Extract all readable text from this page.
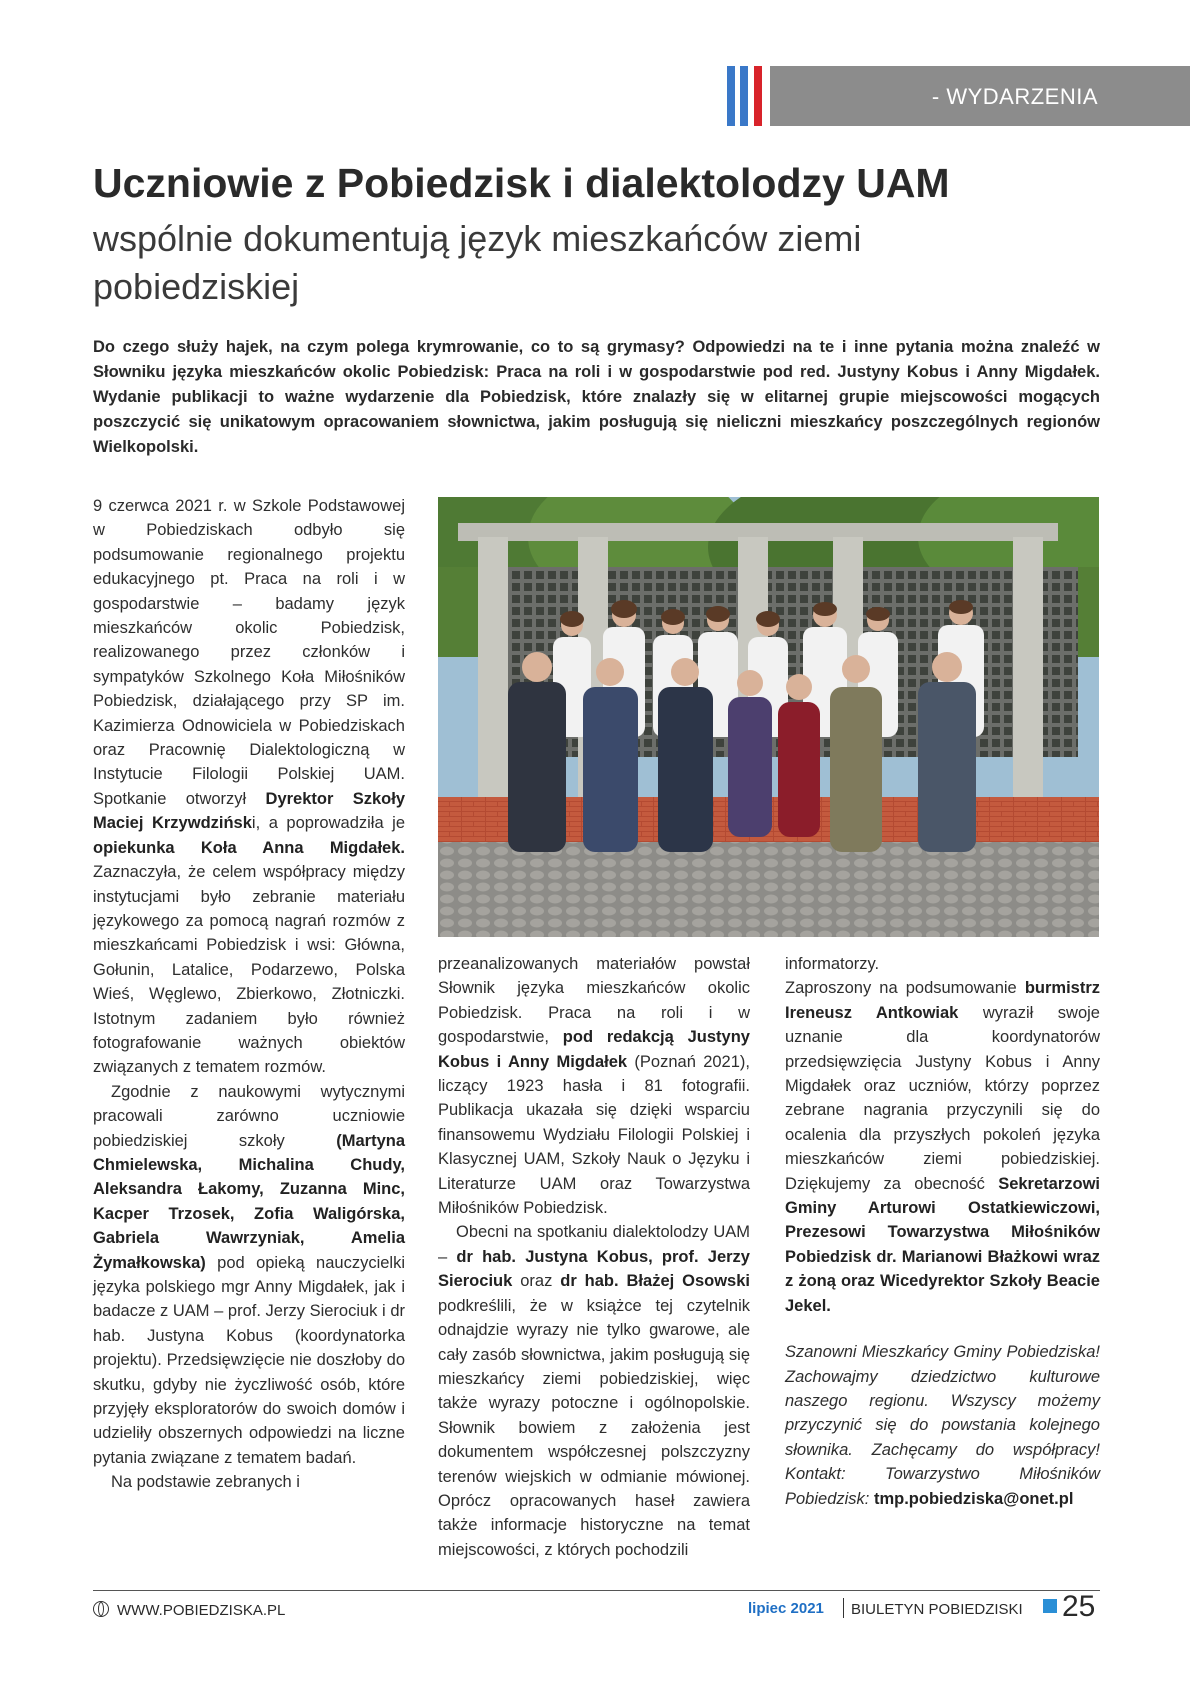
- WYDARZENIA
Uczniowie z Pobiedzisk i dialektolodzy UAM
wspólnie dokumentują język mieszkańców ziemi pobiedziskiej

Do czego służy hajek, na czym polega krymrowanie, co to są grymasy? Odpowiedzi na te i inne pytania można znaleźć w Słowniku języka mieszkańców okolic Pobiedzisk: Praca na roli i w gospodarstwie pod red. Justyny Kobus i Anny Migdałek. Wydanie publikacji to ważne wydarzenie dla Pobiedzisk, które znalazły się w elitarnej grupie miejscowości mogących poszczycić się unikatowym opracowaniem słownictwa, jakim posługują się nieliczni mieszkańcy poszczególnych regionów Wielkopolski.

9 czerwca 2021 r. w Szkole Podstawowej w Pobiedziskach odbyło się podsumowanie regionalnego projektu edukacyjnego pt. Praca na roli i w gospodarstwie – badamy język mieszkańców okolic Pobiedzisk, realizowanego przez członków i sympatyków Szkolnego Koła Miłośników Pobiedzisk, działającego przy SP im. Kazimierza Odnowiciela w Pobiedziskach oraz Pracownię Dialektologiczną w Instytucie Filologii Polskiej UAM. Spotkanie otworzył Dyrektor Szkoły Maciej Krzywdziński, a poprowadziła je opiekunka Koła Anna Migdałek. Zaznaczyła, że celem współpracy między instytucjami było zebranie materiału językowego za pomocą nagrań rozmów z mieszkańcami Pobiedzisk i wsi: Główna, Gołunin, Latalice, Podarzewo, Polska Wieś, Węglewo, Zbierkowo, Złotniczki. Istotnym zadaniem było również fotografowanie ważnych obiektów związanych z tematem rozmów.

Zgodnie z naukowymi wytycznymi pracowali zarówno uczniowie pobiedziskiej szkoły (Martyna Chmielewska, Michalina Chudy, Aleksandra Łakomy, Zuzanna Minc, Kacper Trzosek, Zofia Waligórska, Gabriela Wawrzyniak, Amelia Żymałkowska) pod opieką nauczycielki języka polskiego mgr Anny Migdałek, jak i badacze z UAM – prof. Jerzy Sierociuk i dr hab. Justyna Kobus (koordynatorka projektu). Przedsięwzięcie nie doszłoby do skutku, gdyby nie życzliwość osób, które przyjęły eksploratorów do swoich domów i udzieliły obszernych odpowiedzi na liczne pytania związane z tematem badań.

Na podstawie zebranych i

przeanalizowanych materiałów powstał Słownik języka mieszkańców okolic Pobiedzisk. Praca na roli i w gospodarstwie, pod redakcją Justyny Kobus i Anny Migdałek (Poznań 2021), liczący 1923 hasła i 81 fotografii. Publikacja ukazała się dzięki wsparciu finansowemu Wydziału Filologii Polskiej i Klasycznej UAM, Szkoły Nauk o Języku i Literaturze UAM oraz Towarzystwa Miłośników Pobiedzisk.

Obecni na spotkaniu dialektolodzy UAM – dr hab. Justyna Kobus, prof. Jerzy Sierociuk oraz dr hab. Błażej Osowski podkreślili, że w książce tej czytelnik odnajdzie wyrazy nie tylko gwarowe, ale cały zasób słownictwa, jakim posługują się mieszkańcy ziemi pobiedziskiej, więc także wyrazy potoczne i ogólnopolskie. Słownik bowiem z założenia jest dokumentem współczesnej polszczyzny terenów wiejskich w odmianie mówionej. Oprócz opracowanych haseł zawiera także informacje historyczne na temat miejscowości, z których pochodzili

informatorzy.

Zaproszony na podsumowanie burmistrz Ireneusz Antkowiak wyraził swoje uznanie dla koordynatorów przedsięwzięcia Justyny Kobus i Anny Migdałek oraz uczniów, którzy poprzez zebrane nagrania przyczynili się do ocalenia dla przyszłych pokoleń języka mieszkańców ziemi pobiedziskiej. Dziękujemy za obecność Sekretarzowi Gminy Arturowi Ostatkiewiczowi, Prezesowi Towarzystwa Miłośników Pobiedzisk dr. Marianowi Błażkowi wraz z żoną oraz Wicedyrektor Szkoły Beacie Jekel.

Szanowni Mieszkańcy Gminy Pobiedziska! Zachowajmy dziedzictwo kulturowe naszego regionu. Wszyscy możemy przyczynić się do powstania kolejnego słownika. Zachęcamy do współpracy! Kontakt: Towarzystwo Miłośników Pobiedzisk: tmp.pobiedziska@onet.pl

WWW.POBIEDZISKA.PL	lipiec 2021 BIULETYN POBIEDZISKI 25
